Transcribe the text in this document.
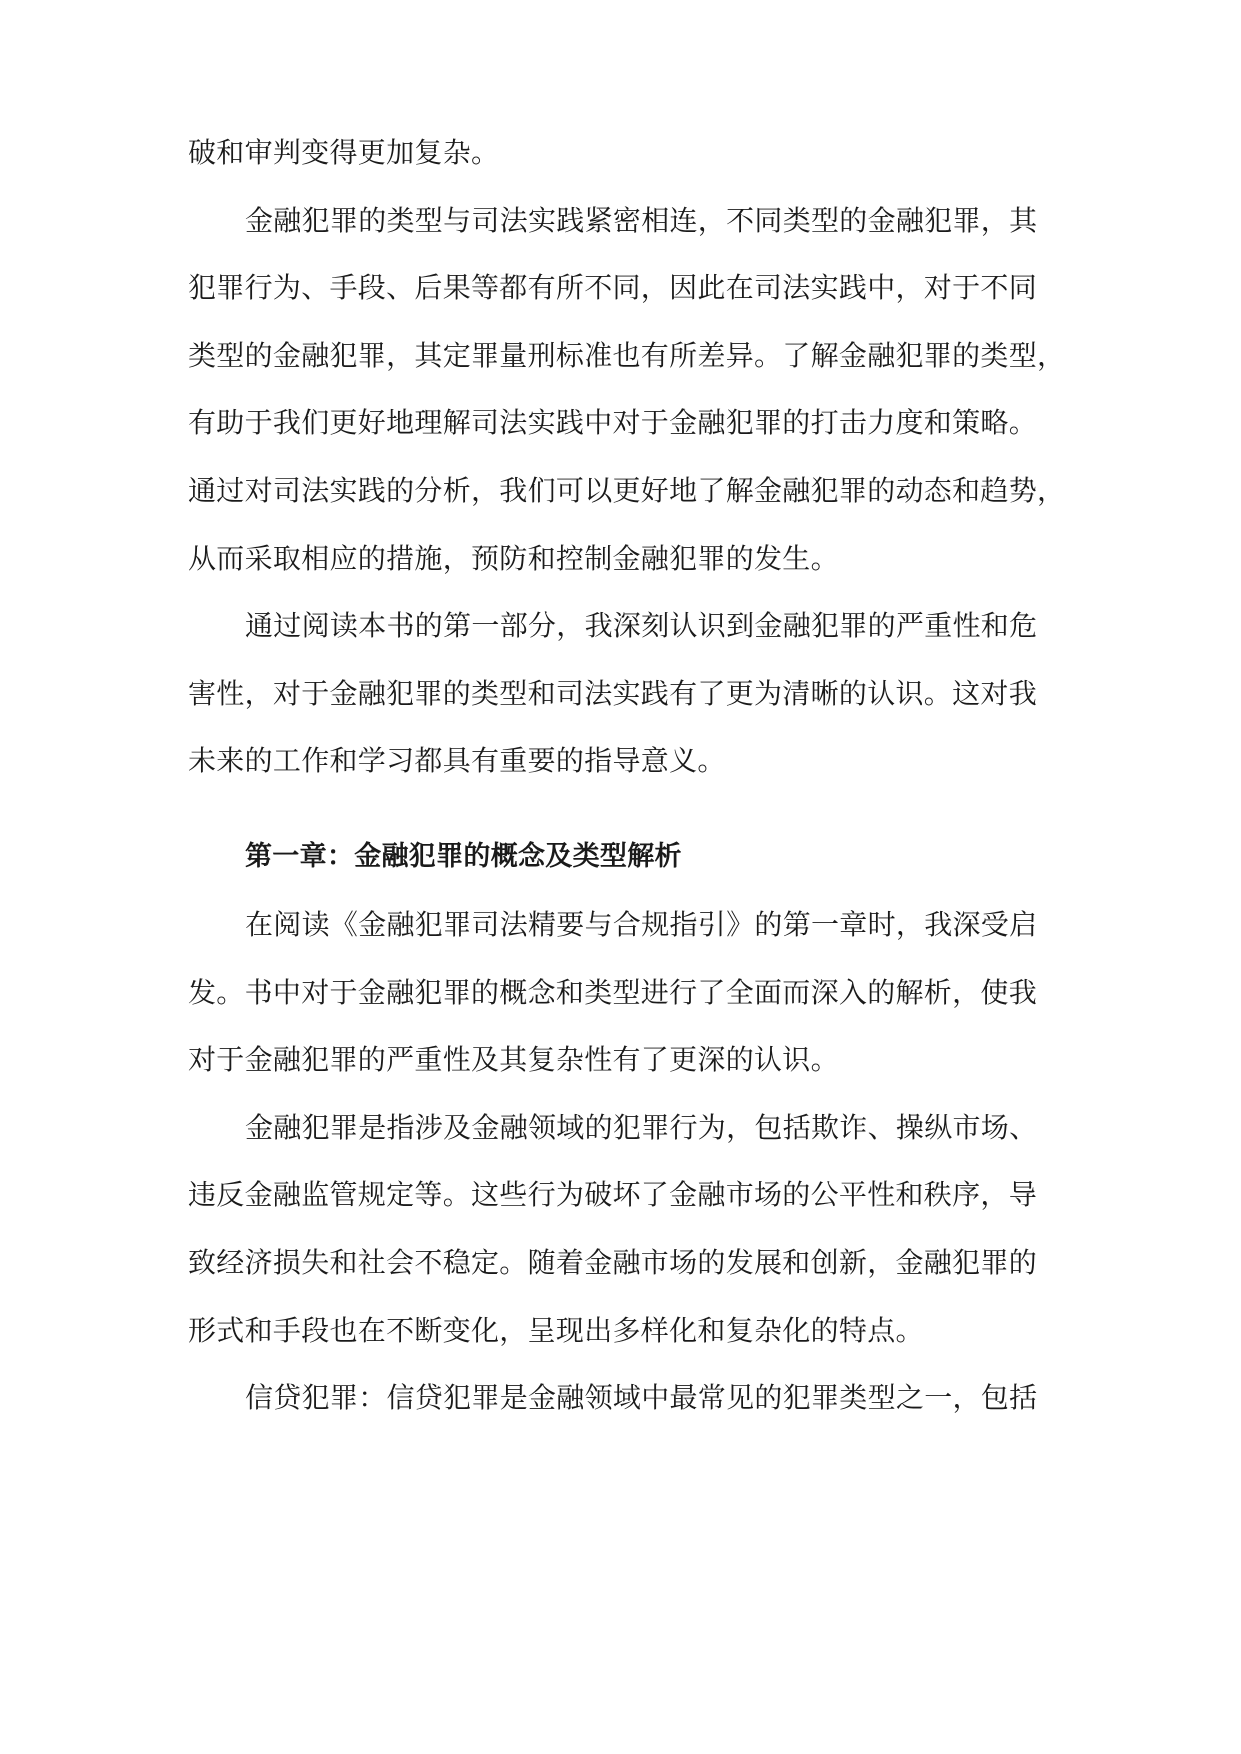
破和审判变得更加复杂。
金融犯罪的类型与司法实践紧密相连，不同类型的金融犯罪，其
犯罪行为、手段、后果等都有所不同，因此在司法实践中，对于不同
类型的金融犯罪，其定罪量刑标准也有所差异。了解金融犯罪的类型，
有助于我们更好地理解司法实践中对于金融犯罪的打击力度和策略。
通过对司法实践的分析，我们可以更好地了解金融犯罪的动态和趋势，
从而采取相应的措施，预防和控制金融犯罪的发生。
通过阅读本书的第一部分，我深刻认识到金融犯罪的严重性和危
害性，对于金融犯罪的类型和司法实践有了更为清晰的认识。这对我
未来的工作和学习都具有重要的指导意义。
第一章：金融犯罪的概念及类型解析
在阅读《金融犯罪司法精要与合规指引》的第一章时，我深受启
发。书中对于金融犯罪的概念和类型进行了全面而深入的解析，使我
对于金融犯罪的严重性及其复杂性有了更深的认识。
金融犯罪是指涉及金融领域的犯罪行为，包括欺诈、操纵市场、
违反金融监管规定等。这些行为破坏了金融市场的公平性和秩序，导
致经济损失和社会不稳定。随着金融市场的发展和创新，金融犯罪的
形式和手段也在不断变化，呈现出多样化和复杂化的特点。
信贷犯罪：信贷犯罪是金融领域中最常见的犯罪类型之一，包括
